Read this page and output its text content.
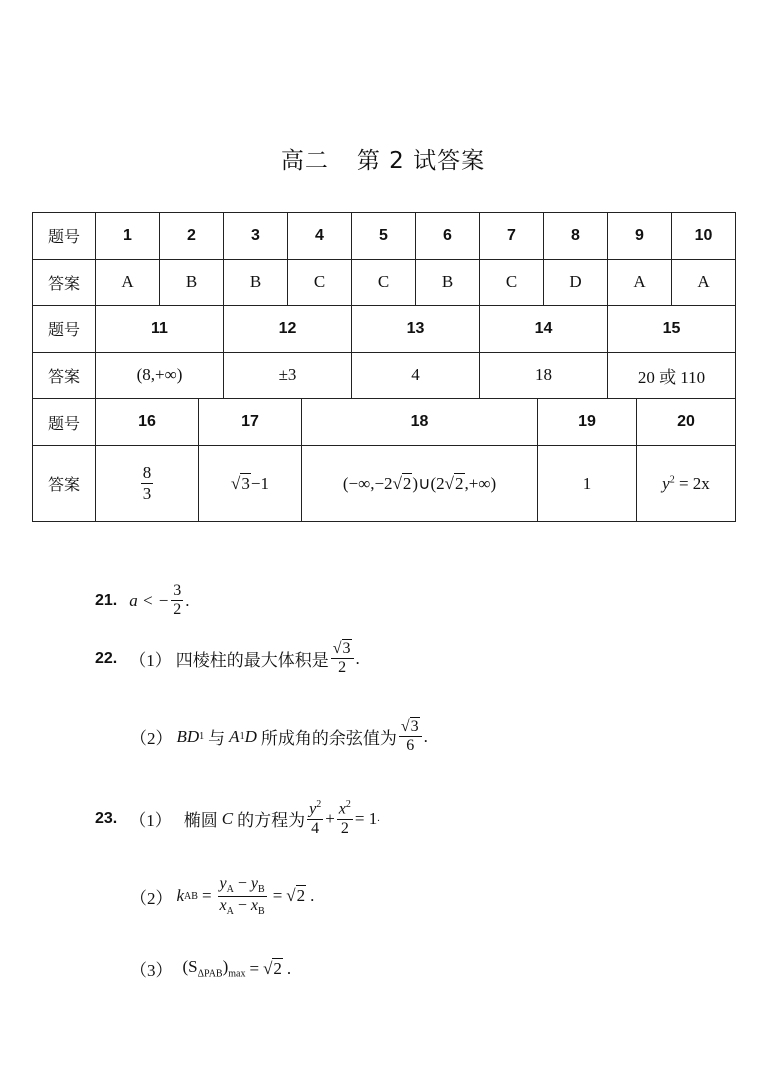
高二 第 2 试答案
题号	1	2	3	4	5	6	7	8	9	10
答案	A	B	B	C	C	B	C	D	A	A
题号	11		12		13		14		15	
答案	(8,+∞)		±3		4		18		20 或 110	
题号	16	17	18	19	20
答案	$\frac{8}{3}$	√3−1	(−∞,−2√2)∪(2√2,+∞)	1	$y^2 = 2x$
21. a < − $\frac{3}{2}$ .
22. （1） 四棱柱的最大体积是 $\frac{√3}{2}$ .
（2） BD 1 与 A 1 D 所成角的余弦值为 $\frac{√3}{6}$ .
23. （1） 椭圆 C 的方程为 $\frac{y^2}{4} + \frac{x^2}{2} = 1$ .
（2） k AB = $\frac{y_A - y_B}{x_A - x_B} = √2$ .
（3） $(S_{\Delta PAB})_{max} = √2$ .
